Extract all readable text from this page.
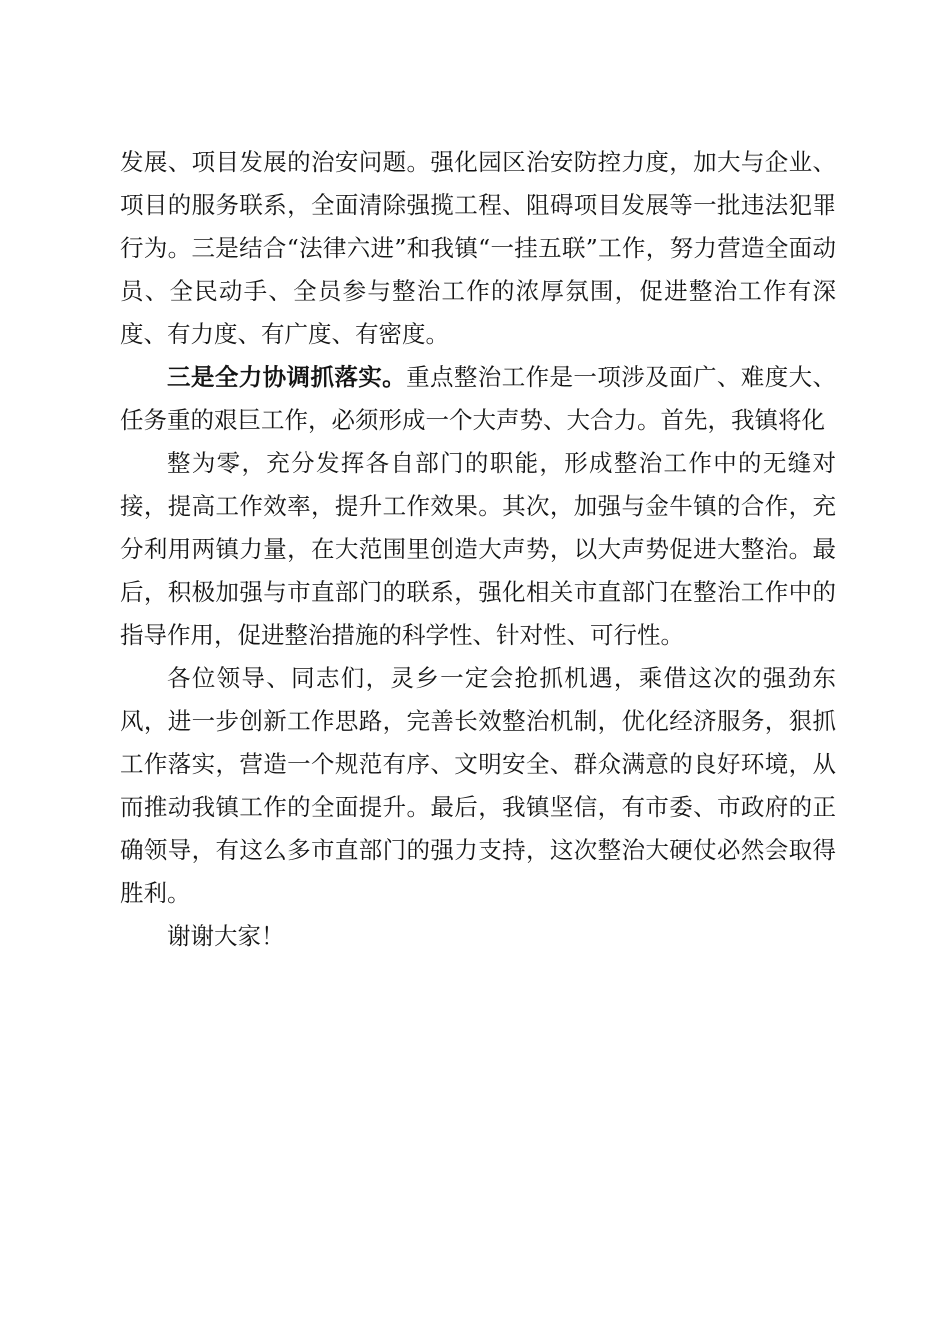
发展、项目发展的治安问题。强化园区治安防控力度，加大与企业、项目的服务联系，全面清除强揽工程、阻碍项目发展等一批违法犯罪行为。三是结合“法律六进”和我镇“一挂五联”工作，努力营造全面动员、全民动手、全员参与整治工作的浓厚氛围，促进整治工作有深度、有力度、有广度、有密度。

三是全力协调抓落实。重点整治工作是一项涉及面广、难度大、任务重的艰巨工作，必须形成一个大声势、大合力。首先，我镇将化

整为零，充分发挥各自部门的职能，形成整治工作中的无缝对接，提高工作效率，提升工作效果。其次，加强与金牛镇的合作，充分利用两镇力量，在大范围里创造大声势，以大声势促进大整治。最后，积极加强与市直部门的联系，强化相关市直部门在整治工作中的指导作用，促进整治措施的科学性、针对性、可行性。

各位领导、同志们，灵乡一定会抢抓机遇，乘借这次的强劲东风，进一步创新工作思路，完善长效整治机制，优化经济服务，狠抓工作落实，营造一个规范有序、文明安全、群众满意的良好环境，从而推动我镇工作的全面提升。最后，我镇坚信，有市委、市政府的正确领导，有这么多市直部门的强力支持，这次整治大硬仗必然会取得胜利。

谢谢大家！
